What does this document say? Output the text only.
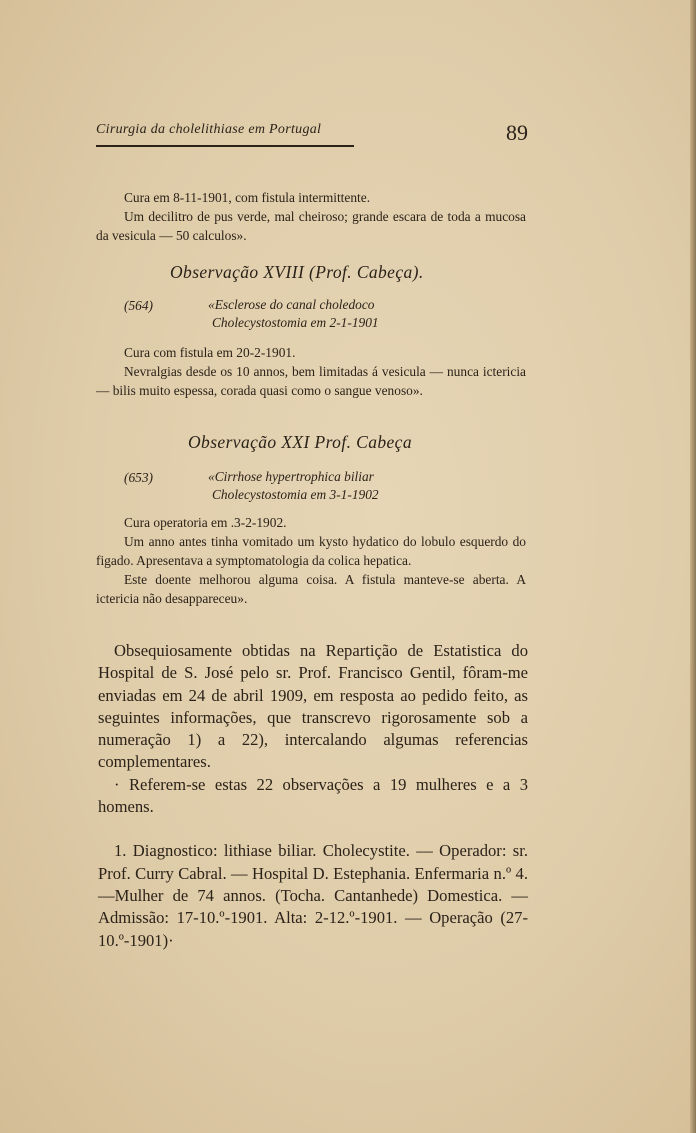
Cirurgia da cholelithiase em Portugal	89

Cura em 8-11-1901, com fistula intermittente.

Um decilitro de pus verde, mal cheiroso; grande escara de toda a mucosa da vesicula — 50 calculos».

Observação XVIII (Prof. Cabeça).
(564)	«Esclerose do canal choledoco
Cholecystostomia em 2-1-1901

Cura com fistula em 20-2-1901.

Nevralgias desde os 10 annos, bem limitadas á vesicula — nunca ictericia — bilis muito espessa, corada quasi como o sangue venoso».

Observação XXI Prof. Cabeça
(653)	«Cirrhose hypertrophica biliar
Cholecystostomia em 3-1-1902

Cura operatoria em .3-2-1902.

Um anno antes tinha vomitado um kysto hydatico do lobulo esquerdo do figado. Apresentava a symptomatologia da colica hepatica.

Este doente melhorou alguma coisa. A fistula manteve-se aberta. A ictericia não desappareceu».

Obsequiosamente obtidas na Repartição de Estatistica do Hospital de S. José pelo sr. Prof. Francisco Gentil, fôram-me enviadas em 24 de abril 1909, em resposta ao pedido feito, as seguintes informações, que transcrevo rigorosamente sob a numeração 1) a 22), intercalando algumas referencias complementares.

· Referem-se estas 22 observações a 19 mulheres e a 3 homens.

1. Diagnostico: lithiase biliar. Cholecystite. — Operador: sr. Prof. Curry Cabral. — Hospital D. Estephania. Enfermaria n.º 4.—Mulher de 74 annos. (Tocha. Cantanhede) Domestica. — Admissão: 17-10.º-1901. Alta: 2-12.º-1901. — Operação (27-10.º-1901)·
